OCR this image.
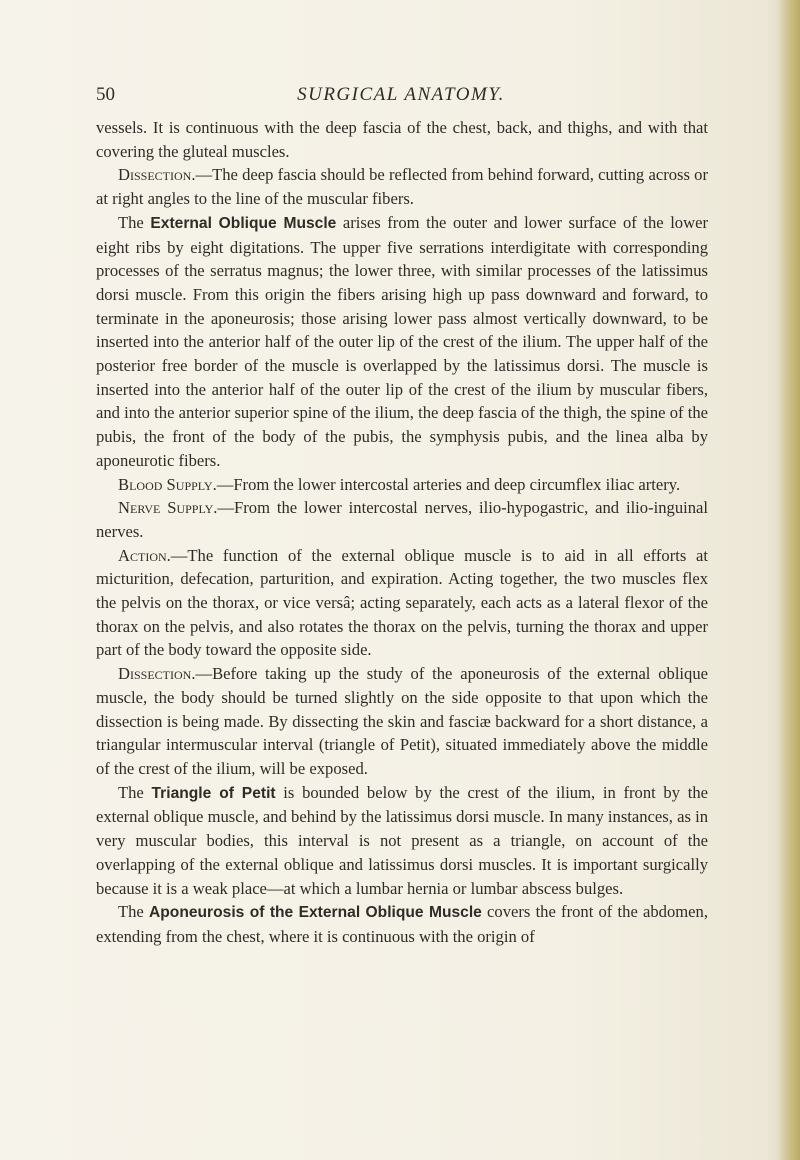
50	SURGICAL ANATOMY.

vessels. It is continuous with the deep fascia of the chest, back, and thighs, and with that covering the gluteal muscles.

Dissection.—The deep fascia should be reflected from behind forward, cutting across or at right angles to the line of the muscular fibers.

The External Oblique Muscle arises from the outer and lower surface of the lower eight ribs by eight digitations. The upper five serrations interdigitate with corresponding processes of the serratus magnus; the lower three, with similar processes of the latissimus dorsi muscle. From this origin the fibers arising high up pass downward and forward, to terminate in the aponeurosis; those arising lower pass almost vertically downward, to be inserted into the anterior half of the outer lip of the crest of the ilium. The upper half of the posterior free border of the muscle is overlapped by the latissimus dorsi. The muscle is inserted into the anterior half of the outer lip of the crest of the ilium by muscular fibers, and into the anterior superior spine of the ilium, the deep fascia of the thigh, the spine of the pubis, the front of the body of the pubis, the symphysis pubis, and the linea alba by aponeurotic fibers.

Blood Supply.—From the lower intercostal arteries and deep circumflex iliac artery.

Nerve Supply.—From the lower intercostal nerves, ilio-hypogastric, and ilio-inguinal nerves.

Action.—The function of the external oblique muscle is to aid in all efforts at micturition, defecation, parturition, and expiration. Acting together, the two muscles flex the pelvis on the thorax, or vice versâ; acting separately, each acts as a lateral flexor of the thorax on the pelvis, and also rotates the thorax on the pelvis, turning the thorax and upper part of the body toward the opposite side.

Dissection.—Before taking up the study of the aponeurosis of the external oblique muscle, the body should be turned slightly on the side opposite to that upon which the dissection is being made. By dissecting the skin and fasciæ backward for a short distance, a triangular intermuscular interval (triangle of Petit), situated immediately above the middle of the crest of the ilium, will be exposed.

The Triangle of Petit is bounded below by the crest of the ilium, in front by the external oblique muscle, and behind by the latissimus dorsi muscle. In many instances, as in very muscular bodies, this interval is not present as a triangle, on account of the overlapping of the external oblique and latissimus dorsi muscles. It is important surgically because it is a weak place—at which a lumbar hernia or lumbar abscess bulges.

The Aponeurosis of the External Oblique Muscle covers the front of the abdomen, extending from the chest, where it is continuous with the origin of
